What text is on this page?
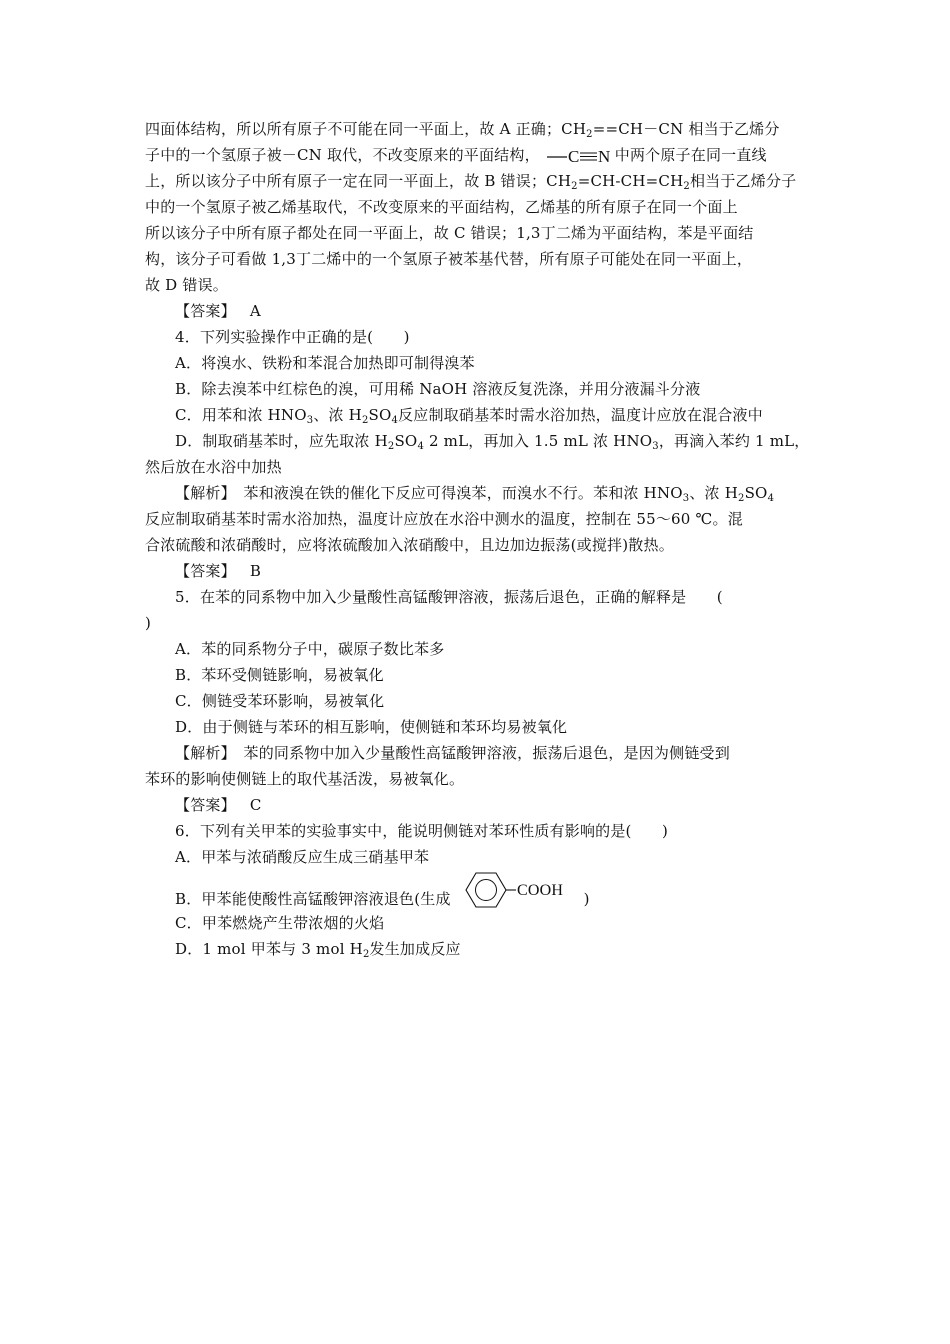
四面体结构，所以所有原子不可能在同一平面上，故 A 正确；$CH_2==CH-CN$ 相当于乙烯分
子中的一个氢原子被－CN 取代，不改变原来的平面结构， C N 中两个原子在同一直线
上，所以该分子中所有原子一定在同一平面上，故 B 错误；$CH_2=CH-CH=CH_2$相当于乙烯分子
中的一个氢原子被乙烯基取代，不改变原来的平面结构，乙烯基的所有原子在同一个面上
所以该分子中所有原子都处在同一平面上，故 C 错误；1,3丁二烯为平面结构，苯是平面结
构，该分子可看做 1,3丁二烯中的一个氢原子被苯基代替，所有原子可能处在同一平面上，
故 D 错误。
【答案】 A
4．下列实验操作中正确的是(　　)
A．将溴水、铁粉和苯混合加热即可制得溴苯
B．除去溴苯中红棕色的溴，可用稀 NaOH 溶液反复洗涤，并用分液漏斗分液
C．用苯和浓 $HNO_3$、浓 $H_2SO_4$反应制取硝基苯时需水浴加热，温度计应放在混合液中
D．制取硝基苯时，应先取浓 $H_2SO_4$ 2 mL，再加入 1.5 mL 浓 $HNO_3$，再滴入苯约 1 mL，
然后放在水浴中加热
【解析】　 苯和液溴在铁的催化下反应可得溴苯，而溴水不行。苯和浓 $HNO_3$、浓 $H_2SO_4$
反应制取硝基苯时需水浴加热，温度计应放在水浴中测水的温度，控制在 55～60 ℃。混
合浓硫酸和浓硝酸时，应将浓硫酸加入浓硝酸中，且边加边振荡(或搅拌)散热。
【答案】 B
5．在苯的同系物中加入少量酸性高锰酸钾溶液，振荡后退色，正确的解释是　　(
)
A．苯的同系物分子中，碳原子数比苯多
B．苯环受侧链影响，易被氧化
C．侧链受苯环影响，易被氧化
D．由于侧链与苯环的相互影响，使侧链和苯环均易被氧化
【解析】　 苯的同系物中加入少量酸性高锰酸钾溶液，振荡后退色，是因为侧链受到
苯环的影响使侧链上的取代基活泼，易被氧化。
【答案】 C
6．下列有关甲苯的实验事实中，能说明侧链对苯环性质有影响的是(　　)
A．甲苯与浓硝酸反应生成三硝基甲苯
B．甲苯能使酸性高锰酸钾溶液退色(生成	COOH )
C．甲苯燃烧产生带浓烟的火焰
D．1 mol 甲苯与 3 mol $H_2$发生加成反应
